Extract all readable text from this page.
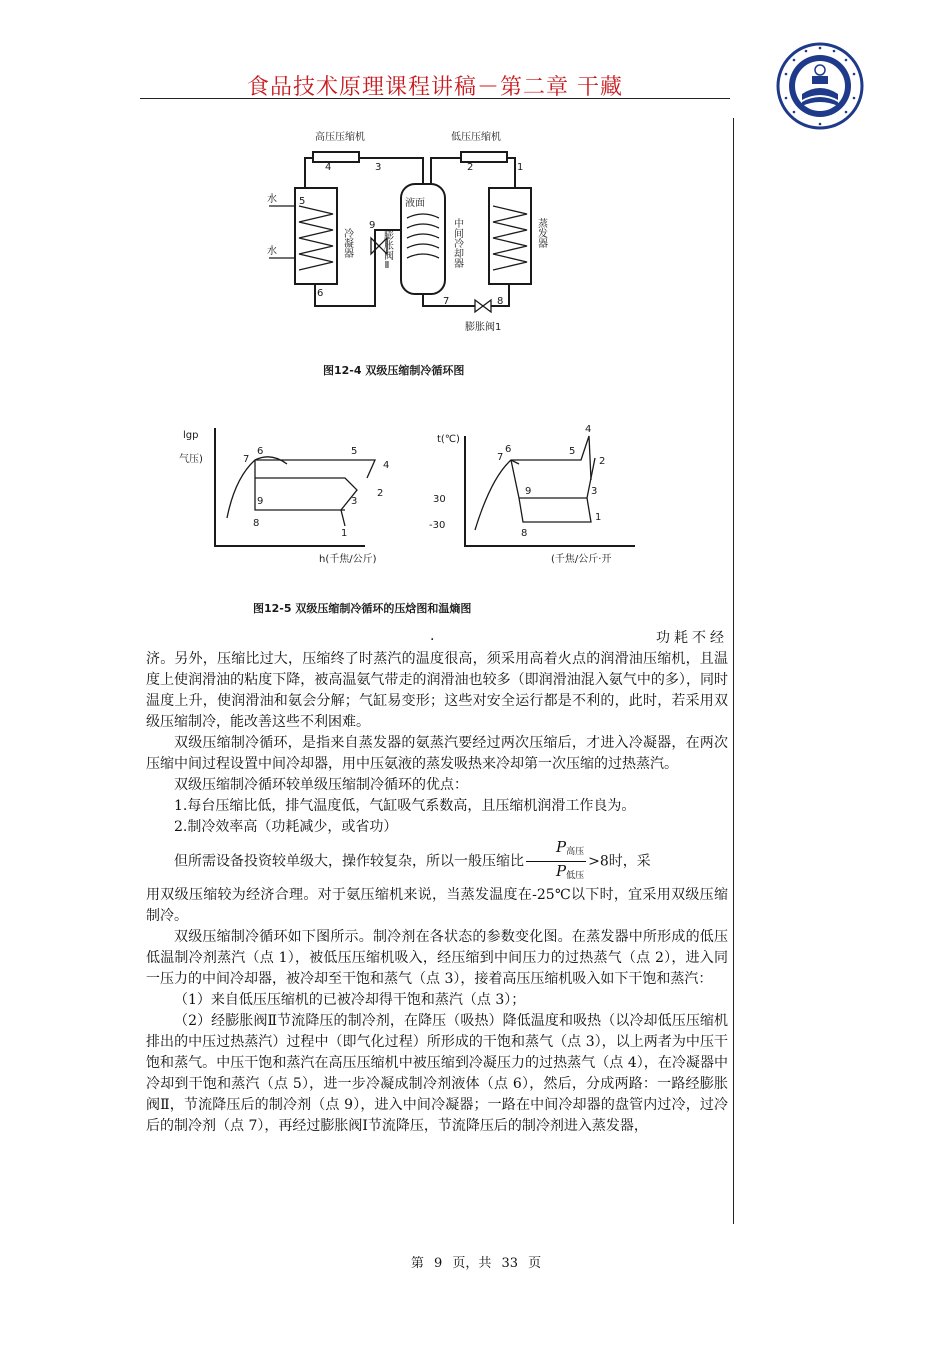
食品技术原理课程讲稿－第二章 干藏
高压压缩机	低压压缩机
冷凝器
液面
中间冷却器	蒸发器
膨胀阀Ⅱ
膨胀阀1
水
水
4	3	2	1
5
6
9
7	8
图12-4 双级压缩制冷循环图
lgp
气压)
h(千焦/公斤)
7
6	5
4
9	3
2
8
1
t(℃)
(千焦/公斤·开
30
-30
7
6	5
4
2
9	3
8
1
图12-5 双级压缩制冷循环的压焓图和温熵图
.	功耗不经

济。另外，压缩比过大，压缩终了时蒸汽的温度很高，须采用高着火点的润滑油压缩机，且温度上使润滑油的粘度下降，被高温氨气带走的润滑油也较多（即润滑油混入氨气中的多），同时温度上升，使润滑油和氨会分解；气缸易变形；这些对安全运行都是不利的，此时，若采用双级压缩制冷，能改善这些不利困难。

双级压缩制冷循环，是指来自蒸发器的氨蒸汽要经过两次压缩后，才进入冷凝器，在两次压缩中间过程设置中间冷却器，用中压氨液的蒸发吸热来冷却第一次压缩的过热蒸汽。

双级压缩制冷循环较单级压缩制冷循环的优点：

1.每台压缩比低，排气温度低，气缸吸气系数高，且压缩机润滑工作良为。

2.制冷效率高（功耗减少，或省功）

但所需设备投资较单级大，操作较复杂，所以一般压缩比 $\frac{P_{高压}}{P_{低压}} >8$时，采

用双级压缩较为经济合理。对于氨压缩机来说，当蒸发温度在-25℃以下时，宜采用双级压缩制冷。

双级压缩制冷循环如下图所示。制冷剂在各状态的参数变化图。在蒸发器中所形成的低压低温制冷剂蒸汽（点 1），被低压压缩机吸入，经压缩到中间压力的过热蒸气（点 2），进入同一压力的中间冷却器，被冷却至干饱和蒸气（点 3），接着高压压缩机吸入如下干饱和蒸汽：

（1）来自低压压缩机的已被冷却得干饱和蒸汽（点 3）；

（2）经膨胀阀Ⅱ节流降压的制冷剂，在降压（吸热）降低温度和吸热（以冷却低压压缩机排出的中压过热蒸汽）过程中（即气化过程）所形成的干饱和蒸气（点 3），以上两者为中压干饱和蒸气。中压干饱和蒸汽在高压压缩机中被压缩到冷凝压力的过热蒸气（点 4），在冷凝器中冷却到干饱和蒸汽（点 5），进一步冷凝成制冷剂液体（点 6），然后，分成两路：一路经膨胀阀Ⅱ，节流降压后的制冷剂（点 9），进入中间冷凝器；一路在中间冷却器的盘管内过冷，过冷后的制冷剂（点 7），再经过膨胀阀Ⅰ节流降压，节流降压后的制冷剂进入蒸发器，

第 9 页，共 33 页
